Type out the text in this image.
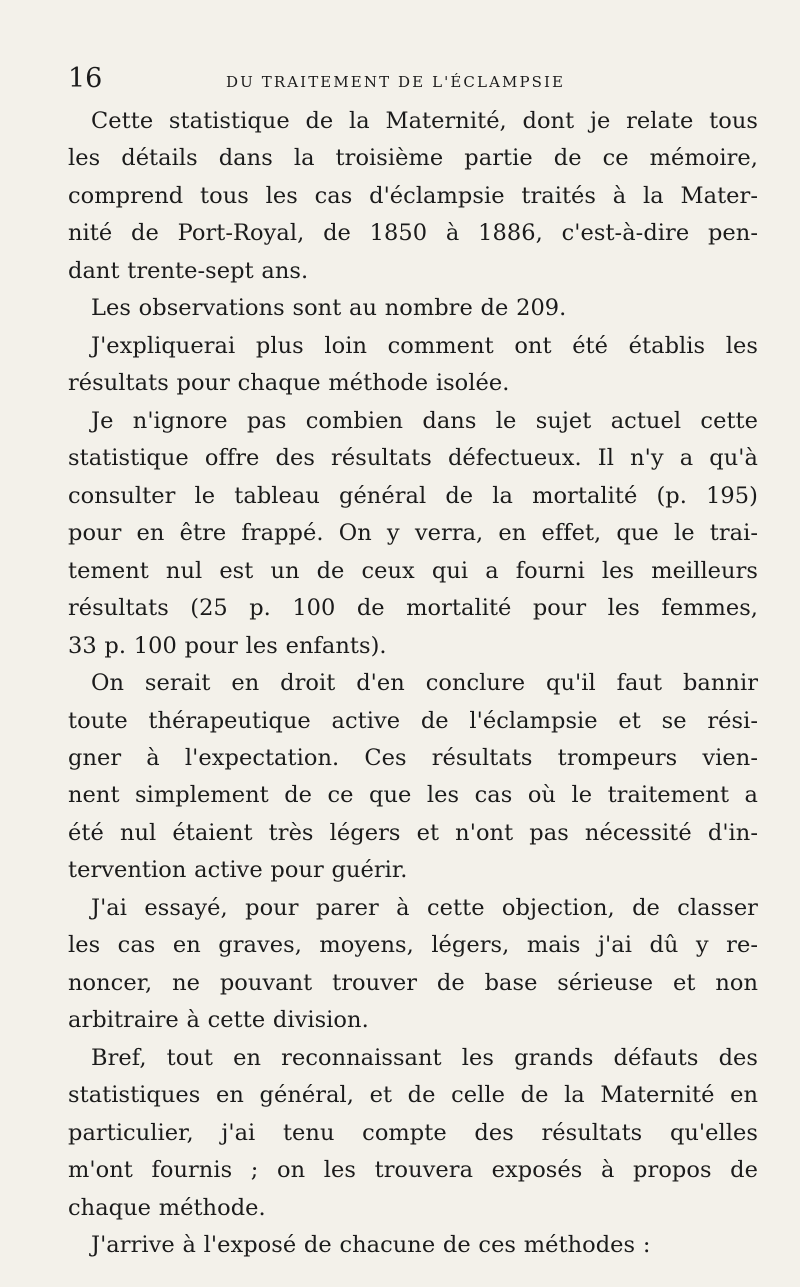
16	DU TRAITEMENT DE L'ÉCLAMPSIE
Cette statistique de la Maternité, dont je relate tous
les détails dans la troisième partie de ce mémoire,
comprend tous les cas d'éclampsie traités à la Mater-
nité de Port-Royal, de 1850 à 1886, c'est-à-dire pen-
dant trente-sept ans.
Les observations sont au nombre de 209.
J'expliquerai plus loin comment ont été établis les
résultats pour chaque méthode isolée.
Je n'ignore pas combien dans le sujet actuel cette
statistique offre des résultats défectueux. Il n'y a qu'à
consulter le tableau général de la mortalité (p. 195)
pour en être frappé. On y verra, en effet, que le trai-
tement nul est un de ceux qui a fourni les meilleurs
résultats (25 p. 100 de mortalité pour les femmes,
33 p. 100 pour les enfants).
On serait en droit d'en conclure qu'il faut bannir
toute thérapeutique active de l'éclampsie et se rési-
gner à l'expectation. Ces résultats trompeurs vien-
nent simplement de ce que les cas où le traitement a
été nul étaient très légers et n'ont pas nécessité d'in-
tervention active pour guérir.
J'ai essayé, pour parer à cette objection, de classer
les cas en graves, moyens, légers, mais j'ai dû y re-
noncer, ne pouvant trouver de base sérieuse et non
arbitraire à cette division.
Bref, tout en reconnaissant les grands défauts des
statistiques en général, et de celle de la Maternité en
particulier, j'ai tenu compte des résultats qu'elles
m'ont fournis ; on les trouvera exposés à propos de
chaque méthode.
J'arrive à l'exposé de chacune de ces méthodes :
